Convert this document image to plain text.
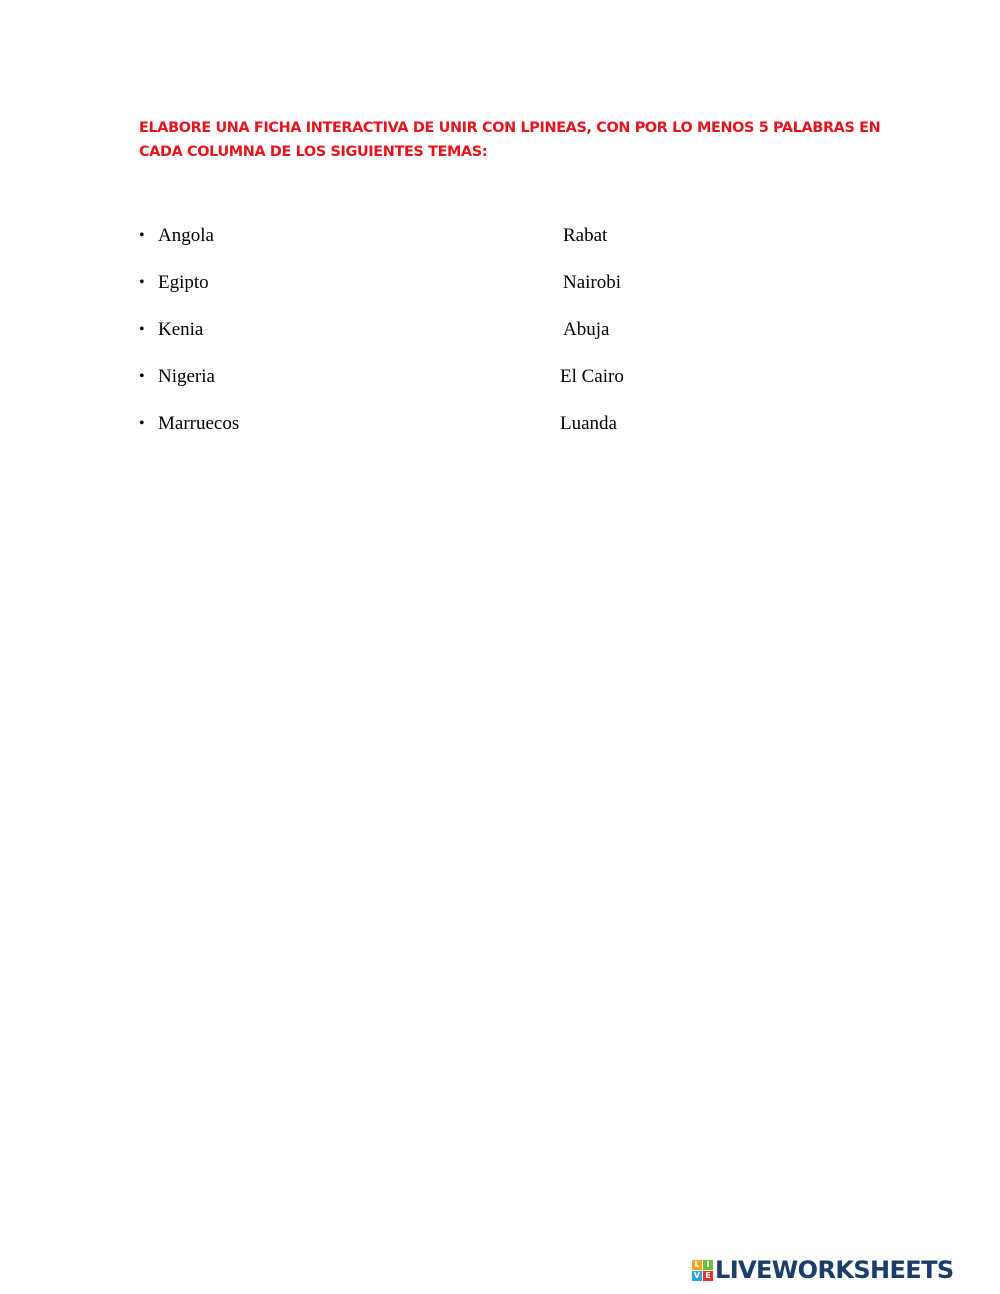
ELABORE UNA FICHA INTERACTIVA DE UNIR CON LPINEAS, CON POR LO MENOS 5 PALABRAS EN
CADA COLUMNA DE LOS SIGUIENTES TEMAS:

• Angola	Rabat
• Egipto	Nairobi
• Kenia	Abuja
• Nigeria	El Cairo
• Marruecos	Luanda
L I
V E LIVEWORKSHEETS
